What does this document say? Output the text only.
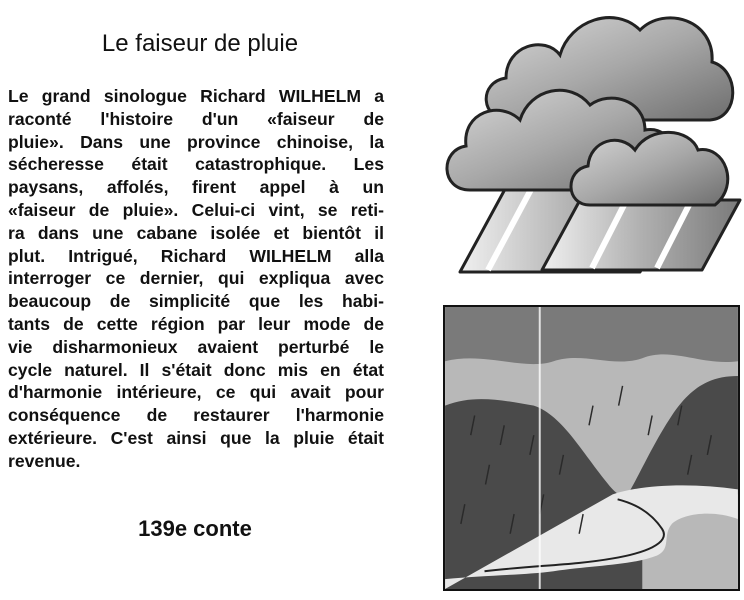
Le faiseur de pluie
Le grand sinologue Richard WILHELM a
raconté l'histoire d'un «faiseur de
pluie». Dans une province chinoise, la
sécheresse était catastrophique. Les
paysans, affolés, firent appel à un
«faiseur de pluie». Celui-ci vint, se reti-
ra dans une cabane isolée et bientôt il
plut. Intrigué, Richard WILHELM alla
interroger ce dernier, qui expliqua avec
beaucoup de simplicité que les habi-
tants de cette région par leur mode de
vie disharmonieux avaient perturbé le
cycle naturel. Il s'était donc mis en état
d'harmonie intérieure, ce qui avait pour
conséquence de restaurer l'harmonie
extérieure. C'est ainsi que la pluie était
revenue.
139e conte
